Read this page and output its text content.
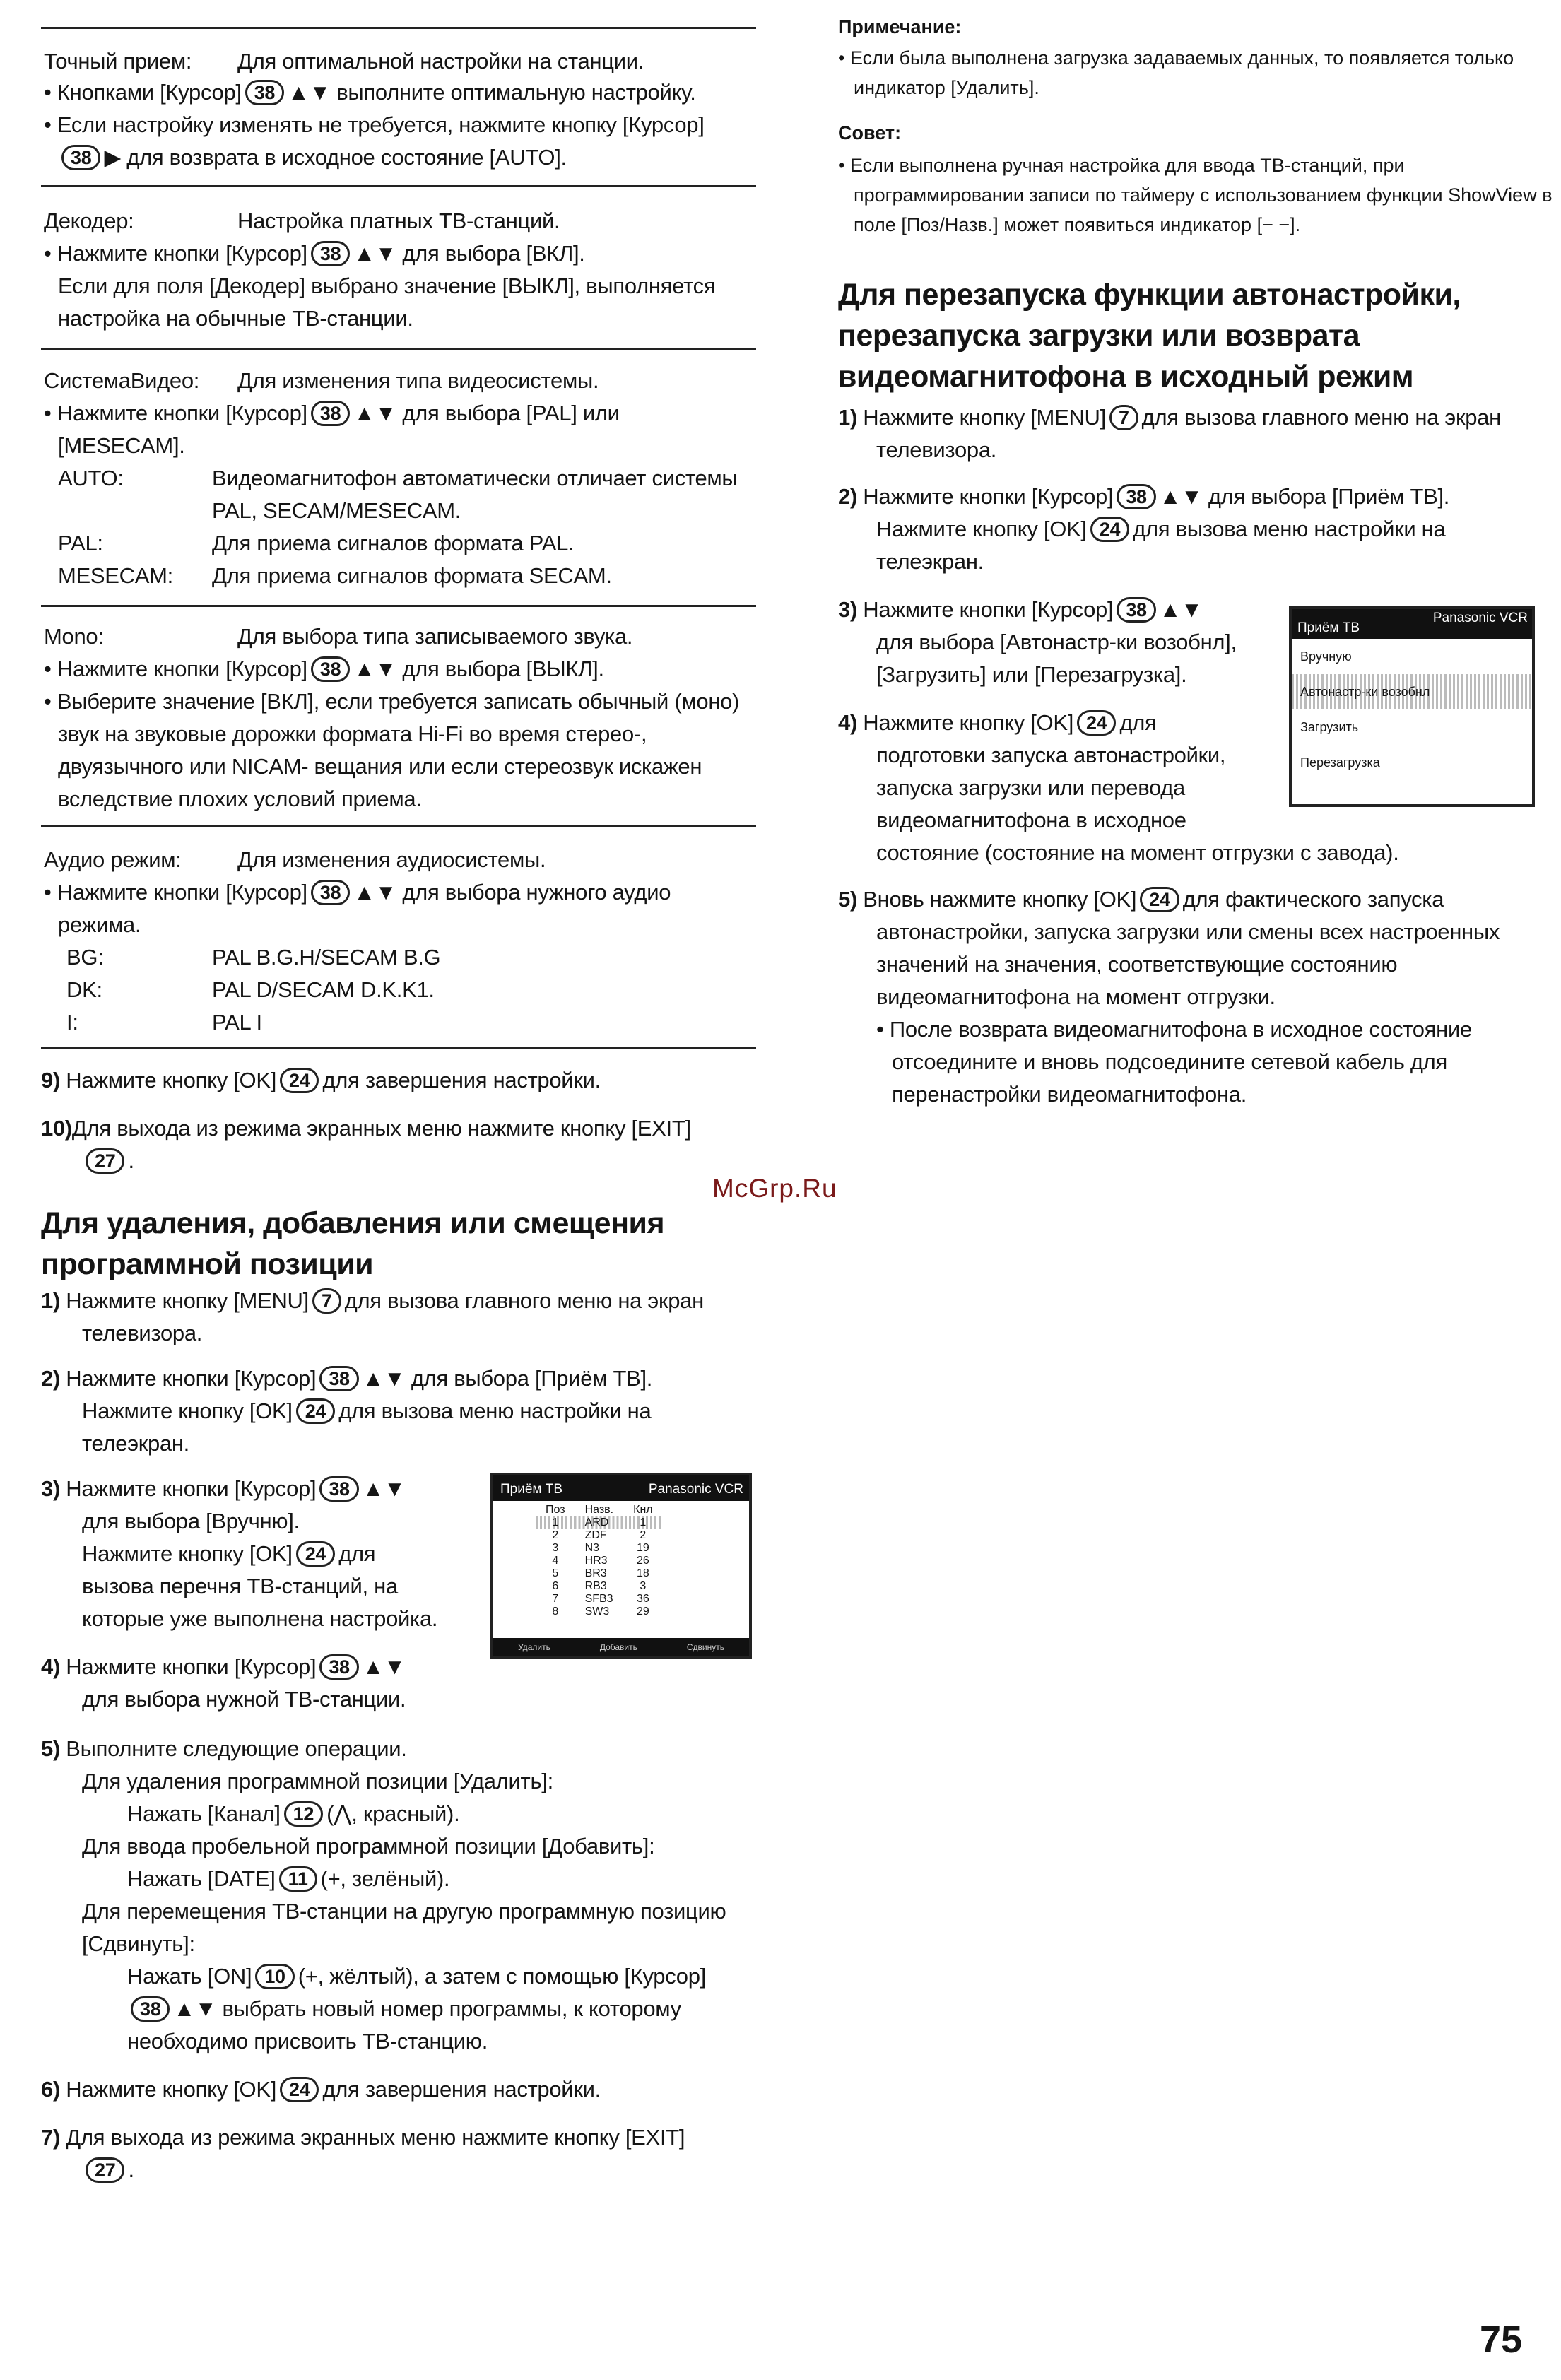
Точный прием: Для оптимальной настройки на станции.
• Кнопками [Курсор] 38 ▲▼ выполните оптимальную настройку.
• Если настройку изменять не требуется, нажмите кнопку [Курсор]
38 ▶ для возврата в исходное состояние [AUTO].
Декодер:	Настройка платных ТВ-станций.
• Нажмите кнопки [Курсор] 38 ▲▼ для выбора [ВКЛ].
Если для поля [Декодер] выбрано значение [ВЫКЛ], выполняется
настройка на обычные ТВ-станции.
СистемаВидео: Для изменения типа видеосистемы.
• Нажмите кнопки [Курсор] 38 ▲▼ для выбора [PAL] или
[MESECAM].
AUTO:	Видеомагнитофон автоматически отличает системы
PAL, SECAM/MESECAM.
PAL:	Для приема сигналов формата PAL.
MESECAM: Для приема сигналов формата SECAM.
Mono:	Для выбора типа записываемого звука.
• Нажмите кнопки [Курсор] 38 ▲▼ для выбора [ВЫКЛ].
• Выберите значение [ВКЛ], если требуется записать обычный (моно)
звук на звуковые дорожки формата Hi-Fi во время стерео-,
двуязычного или NICAM- вещания или если стереозвук искажен
вследствие плохих условий приема.
Аудио режим:	Для изменения аудиосистемы.
• Нажмите кнопки [Курсор] 38 ▲▼ для выбора нужного аудио
режима.
BG:	PAL B.G.H/SECAM B.G
DK:	PAL D/SECAM D.K.K1.
I:	PAL I
9) Нажмите кнопку [OK] 24 для завершения настройки.
10)Для выхода из режима экранных меню нажмите кнопку [EXIT]
27 .
Для удаления, добавления или смещения
программной позиции
1) Нажмите кнопку [MENU] 7 для вызова главного меню на экран
телевизора.
2) Нажмите кнопки [Курсор] 38 ▲▼ для выбора [Приём ТВ].
Нажмите кнопку [OK] 24 для вызова меню настройки на
телеэкран.
3) Нажмите кнопки [Курсор] 38 ▲▼
для выбора [Вручню].
Нажмите кнопку [OK] 24 для
вызова перечня ТВ-станций, на
которые уже выполнена настройка.
4) Нажмите кнопки [Курсор] 38 ▲▼
для выбора нужной ТВ-станции.
5) Выполните следующие операции.
Для удаления программной позиции [Удалить]:
Нажать [Канал] 12 (⋀, красный).
Для ввода пробельной программной позиции [Добавить]:
Нажать [DATE] 11 (+, зелёный).
Для перемещения ТВ-станции на другую программную позицию
[Сдвинуть]:
Нажать [ON] 10 (+, жёлтый), а затем с помощью [Курсор]
38 ▲▼ выбрать новый номер программы, к которому
необходимо присвоить ТВ-станцию.
6) Нажмите кнопку [OK] 24 для завершения настройки.
7) Для выхода из режима экранных меню нажмите кнопку [EXIT]
27 .
Приём ТВ	Panasonic VCR
Поз	Назв.	Кнл
1	ARD	1
2	ZDF	2
3	N3	19
4	HR3	26
5	BR3	18
6	RB3	3
7	SFB3	36
8	SW3	29
Удалить	Добавить	Сдвинуть
Примечание:
• Если была выполнена загрузка задаваемых данных, то появляется только
индикатор [Удалить].
Совет:
• Если выполнена ручная настройка для ввода ТВ-станций, при
программировании записи по таймеру с использованием функции ShowView в
поле [Поз/Назв.] может появиться индикатор [− −].
Для перезапуска функции автонастройки,
перезапуска загрузки или возврата
видеомагнитофона в исходный режим
1) Нажмите кнопку [MENU] 7 для вызова главного меню на экран
телевизора.
2) Нажмите кнопки [Курсор] 38 ▲▼ для выбора [Приём ТВ].
Нажмите кнопку [OK] 24 для вызова меню настройки на
телеэкран.
3) Нажмите кнопки [Курсор] 38 ▲▼
для выбора [Автонастр-ки возобнл],
[Загрузить] или [Перезагрузка].
4) Нажмите кнопку [OK] 24 для
подготовки запуска автонастройки,
запуска загрузки или перевода
видеомагнитофона в исходное
состояние (состояние на момент отгрузки с завода).
5) Вновь нажмите кнопку [OK] 24 для фактического запуска
автонастройки, запуска загрузки или смены всех настроенных
значений на значения, соответствующие состоянию
видеомагнитофона на момент отгрузки.
• После возврата видеомагнитофона в исходное состояние
отсоедините и вновь подсоедините сетевой кабель для
перенастройки видеомагнитофона.
Приём ТВ
Panasonic VCR
Вручную
Автонастр-ки возобнл
Загрузить
Перезагрузка
McGrp.Ru
75
